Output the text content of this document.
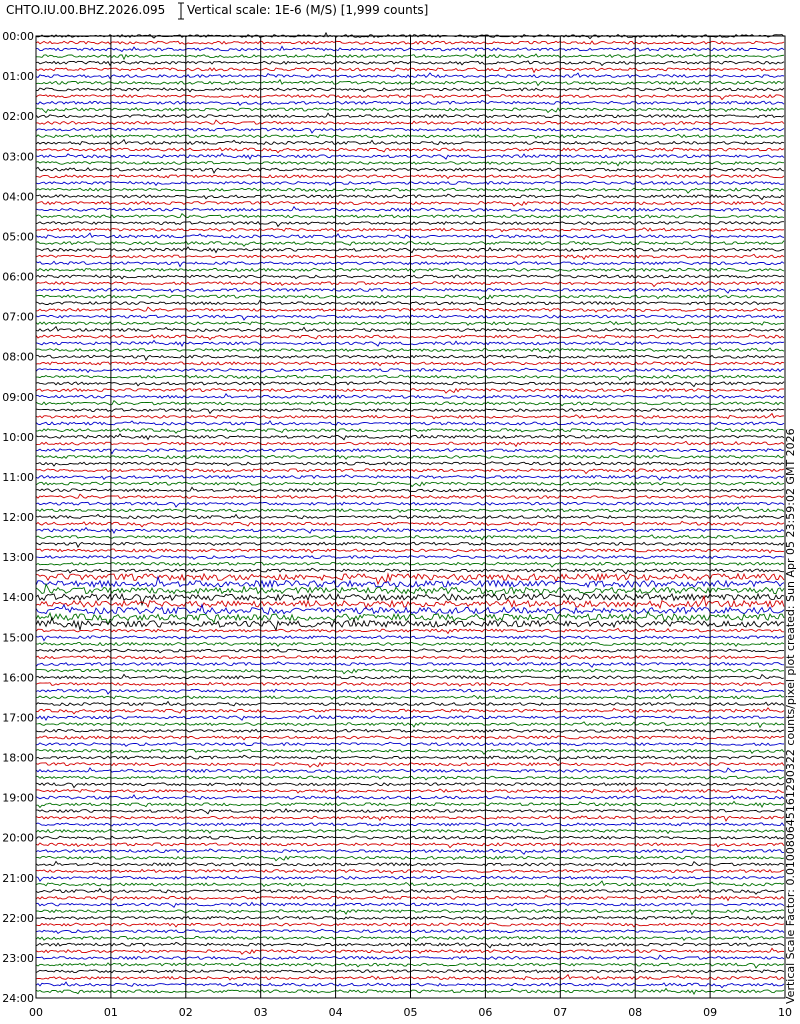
CHTO.IU.00.BHZ.2026.095 Vertical scale: 1E-6 (M/S) [1,999 counts]
00:00
01:00
02:00
03:00
04:00
05:00
06:00
07:00
08:00
09:00
10:00
11:00
12:00
13:00
14:00
15:00
16:00
17:00
18:00
19:00
20:00
21:00
22:00
23:00
24:00
00	01	02	03	04	05	06	07	08	09	10
Vertical Scale Factor: 0.010080645161290322 counts/pixel plot created: Sun Apr 05 23:59:02 GMT 2026
